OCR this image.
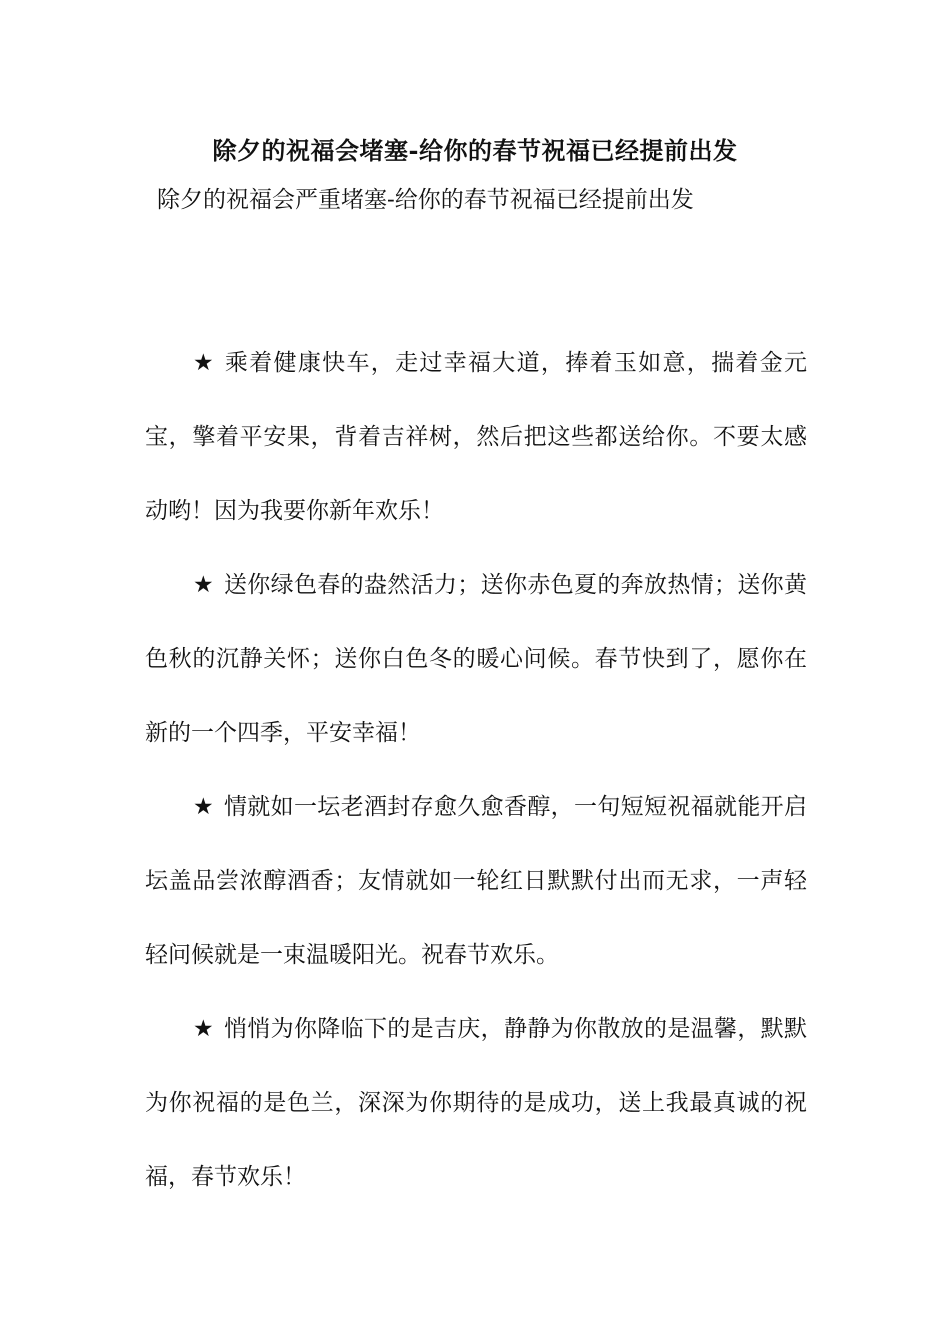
除夕的祝福会堵塞-给你的春节祝福已经提前出发

除夕的祝福会严重堵塞-给你的春节祝福已经提前出发

★ 乘着健康快车，走过幸福大道，捧着玉如意，揣着金元宝，擎着平安果，背着吉祥树，然后把这些都送给你。不要太感动哟！因为我要你新年欢乐！

★ 送你绿色春的盎然活力；送你赤色夏的奔放热情；送你黄色秋的沉静关怀；送你白色冬的暖心问候。春节快到了，愿你在新的一个四季，平安幸福！

★ 情就如一坛老酒封存愈久愈香醇，一句短短祝福就能开启坛盖品尝浓醇酒香；友情就如一轮红日默默付出而无求，一声轻轻问候就是一束温暖阳光。祝春节欢乐。

★ 悄悄为你降临下的是吉庆，静静为你散放的是温馨，默默为你祝福的是色兰，深深为你期待的是成功，送上我最真诚的祝福，春节欢乐！
